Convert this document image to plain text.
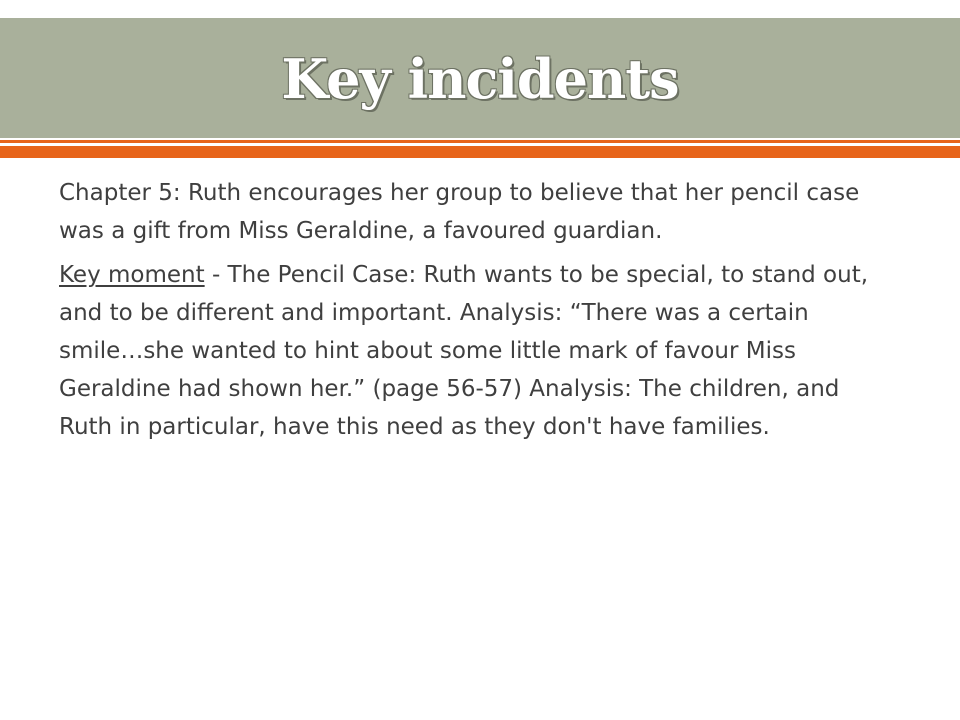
Key incidents

Chapter 5: Ruth encourages her group to believe that her pencil case was a gift from Miss Geraldine, a favoured guardian.

Key moment - The Pencil Case: Ruth wants to be special, to stand out, and to be different and important. Analysis: “There was a certain smile…she wanted to hint about some little mark of favour Miss Geraldine had shown her.” (page 56-57) Analysis: The children, and Ruth in particular, have this need as they don't have families.
